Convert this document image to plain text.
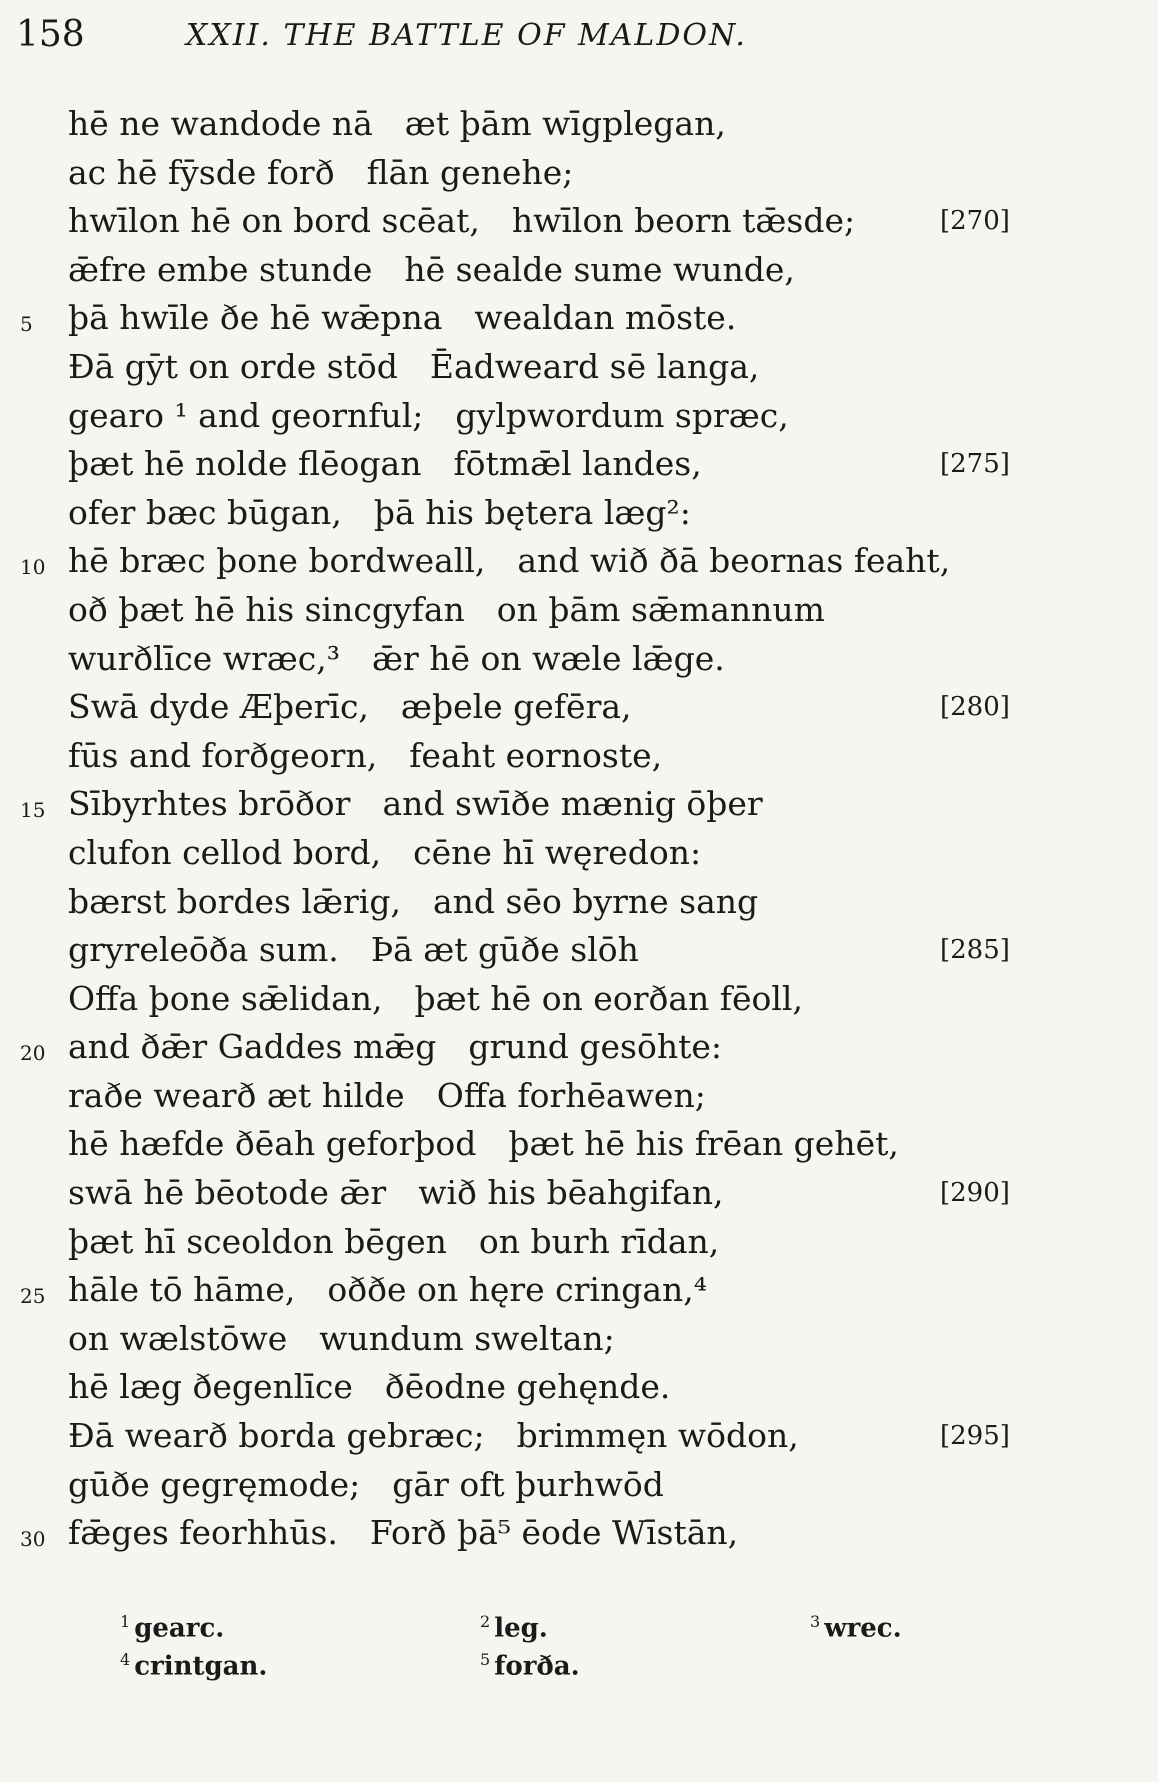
158	XXII. THE BATTLE OF MALDON.
hē ne wandode nā æt þām wīgplegan,
ac hē fȳsde forð flān genehe;
hwīlon hē on bord scēat, hwīlon beorn tǣsde;	[270]
ǣfre embe stunde hē sealde sume wunde,
5	þā hwīle ðe hē wǣpna wealdan mōste.
Đā gȳt on orde stōd Ēadweard sē langa,
gearo ¹ and geornful; gylpwordum spræc,
þæt hē nolde flēogan fōtmǣl landes,	[275]
ofer bæc būgan, þā his bętera læg²:
10 hē bræc þone bordweall, and wið ðā beornas feaht,
oð þæt hē his sincgyfan on þām sǣmannum
wurðlīce wræc,³ ǣr hē on wæle lǣge.
Swā dyde Æþerīc, æþele gefēra,	[280]
fūs and forðgeorn, feaht eornoste,
15 Sībyrhtes brōðor and swīðe mænig ōþer
clufon cellod bord, cēne hī węredon:
bærst bordes lǣrig, and sēo byrne sang
gryreleōða sum. Þā æt gūðe slōh	[285]
Offa þone sǣlidan, þæt hē on eorðan fēoll,
20 and ðǣr Gaddes mǣg grund gesōhte:
raðe wearð æt hilde Offa forhēawen;
hē hæfde ðēah geforþod þæt hē his frēan gehēt,
swā hē bēotode ǣr wið his bēahgifan,	[290]
þæt hī sceoldon bēgen on burh rīdan,
25 hāle tō hāme, oððe on hęre cringan,⁴
on wælstōwe wundum sweltan;
hē læg ðegenlīce ðēodne gehęnde.
Đā wearð borda gebræc; brimmęn wōdon,	[295]
gūðe gegręmode; gār oft þurhwōd
30 fǣges feorhhūs. Forð þā⁵ ēode Wīstān,
$^1$ gearc.	$^2$ leg.	$^3$ wrec.
$^4$ crintgan.	$^5$ forða.
